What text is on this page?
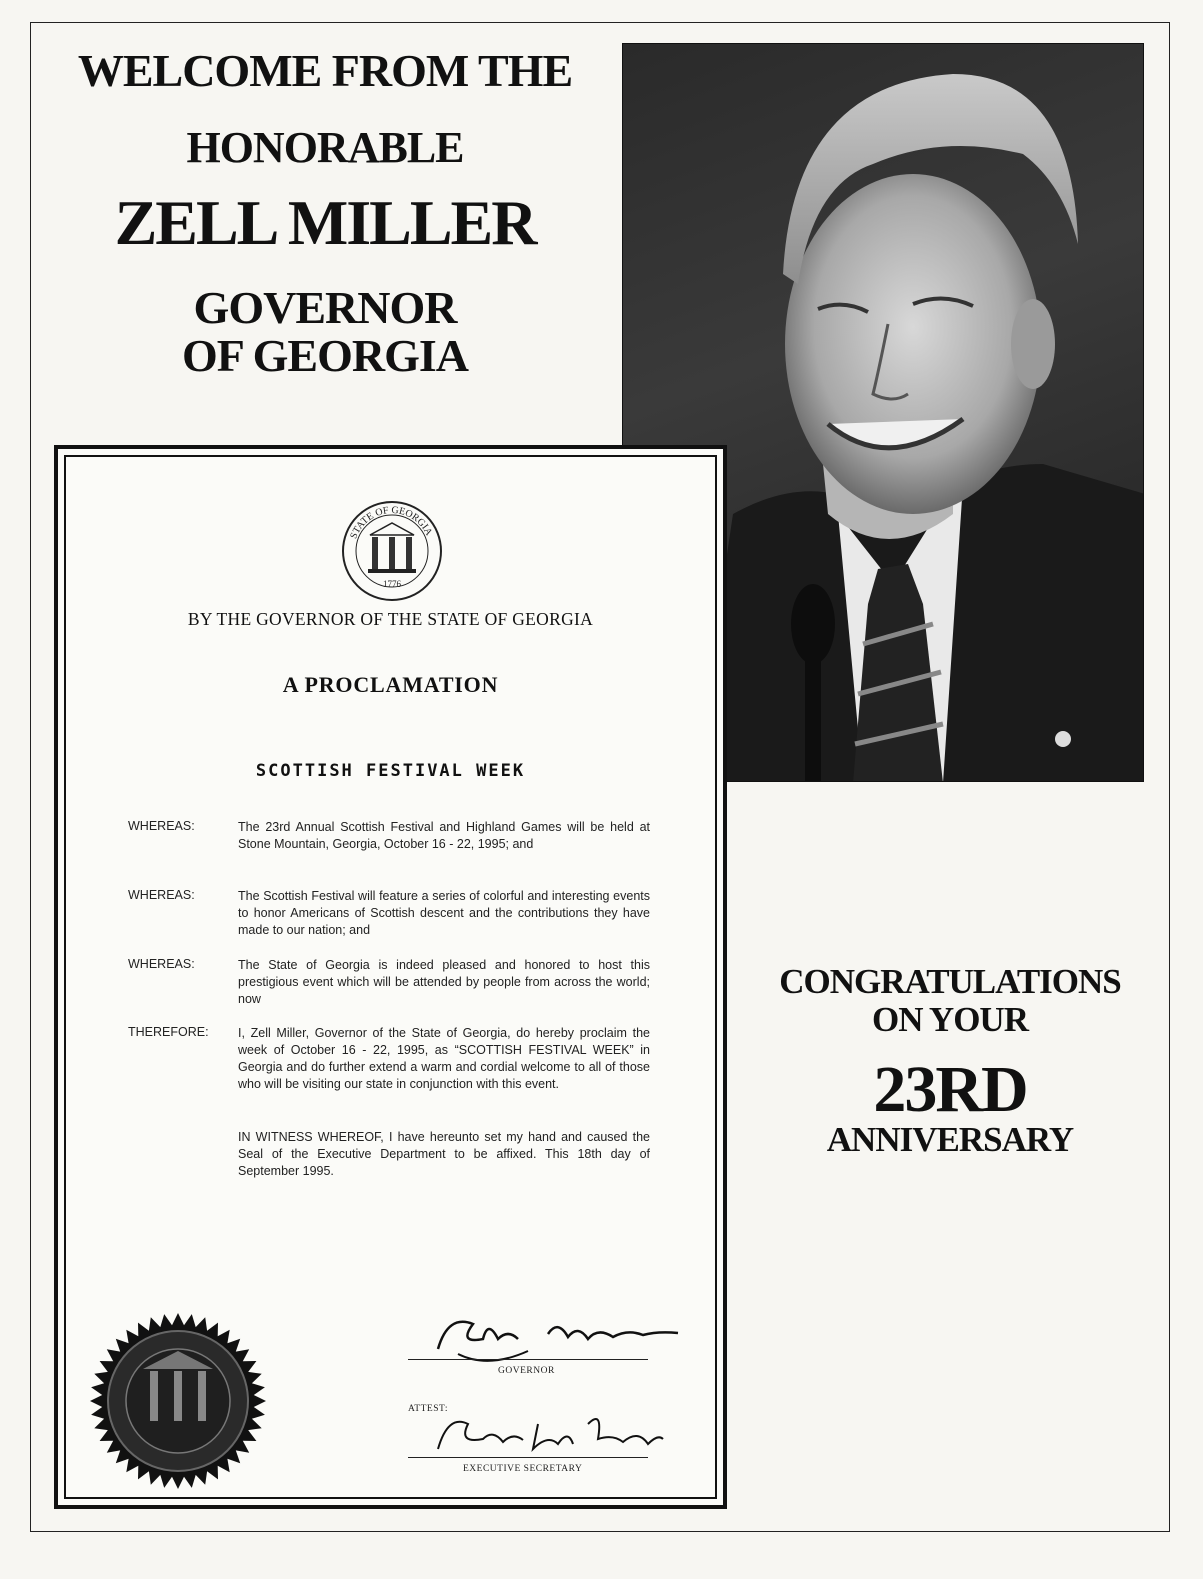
WELCOME FROM THE
HONORABLE
ZELL MILLER
GOVERNOR
OF GEORGIA
STATE OF GEORGIA
1776
BY THE GOVERNOR OF THE STATE OF GEORGIA
A PROCLAMATION
SCOTTISH FESTIVAL WEEK
WHEREAS:	The 23rd Annual Scottish Festival and Highland Games will be held at Stone Mountain, Georgia, October 16 - 22, 1995; and
WHEREAS:	The Scottish Festival will feature a series of colorful and interesting events to honor Americans of Scottish descent and the contributions they have made to our nation; and
WHEREAS:	The State of Georgia is indeed pleased and honored to host this prestigious event which will be attended by people from across the world; now
THEREFORE:	I, Zell Miller, Governor of the State of Georgia, do hereby proclaim the week of October 16 - 22, 1995, as “SCOTTISH FESTIVAL WEEK” in Georgia and do further extend a warm and cordial welcome to all of those who will be visiting our state in conjunction with this event.
IN WITNESS WHEREOF, I have hereunto set my hand and caused the Seal of the Executive Department to be affixed. This 18th day of September 1995.
GOVERNOR
ATTEST:
EXECUTIVE SECRETARY
CONGRATULATIONS
ON YOUR
23RD
ANNIVERSARY
